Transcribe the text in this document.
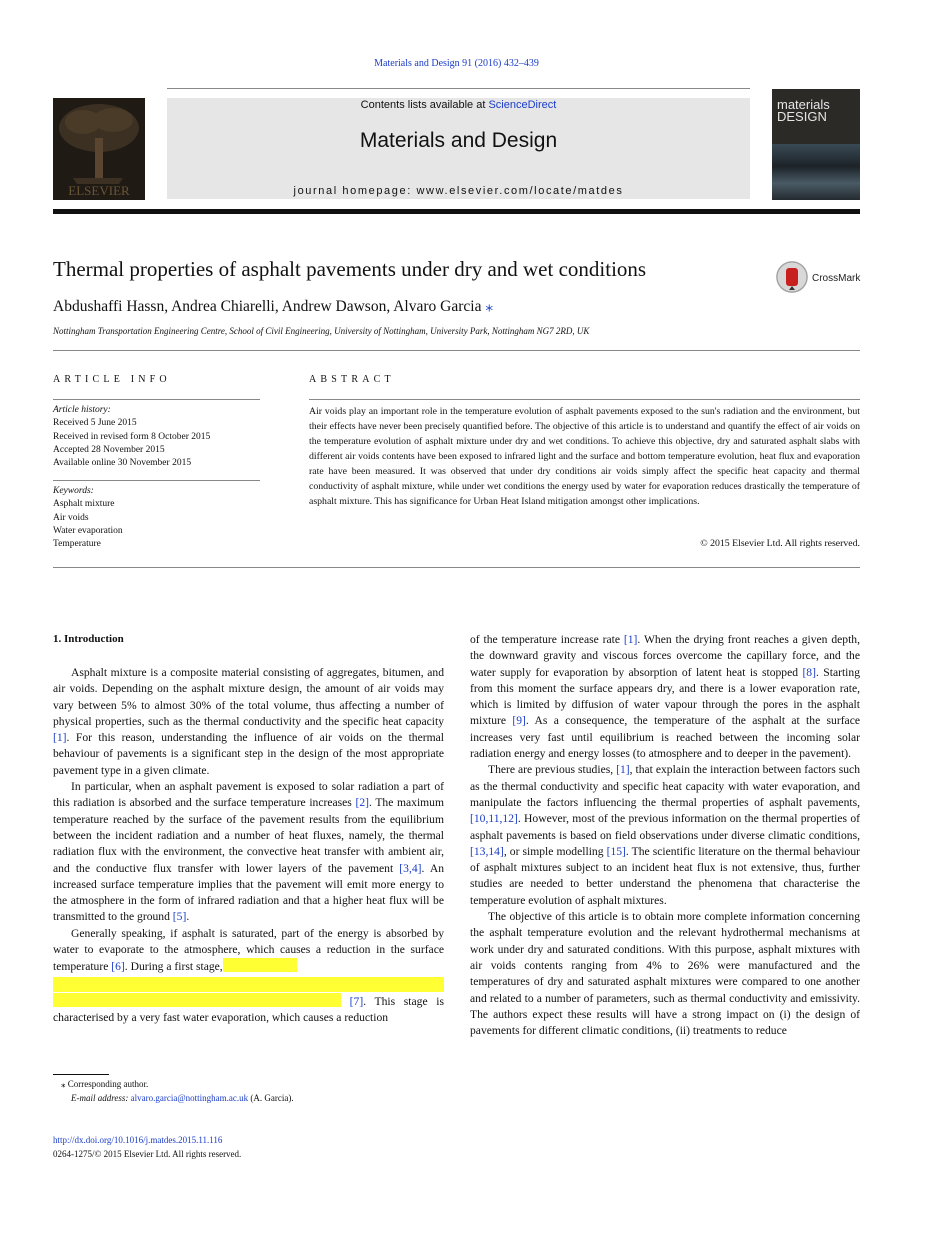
Materials and Design 91 (2016) 432–439
ELSEVIER
Contents lists available at ScienceDirect
Materials and Design
journal homepage: www.elsevier.com/locate/matdes
materials
DESIGN
Thermal properties of asphalt pavements under dry and wet conditions	CrossMark
Abdushaffi Hassn, Andrea Chiarelli, Andrew Dawson, Alvaro Garcia ⁎
Nottingham Transportation Engineering Centre, School of Civil Engineering, University of Nottingham, University Park, Nottingham NG7 2RD, UK
ARTICLE INFO
Article history:
Received 5 June 2015
Received in revised form 8 October 2015
Accepted 28 November 2015
Available online 30 November 2015
Keywords:
Asphalt mixture
Air voids
Water evaporation
Temperature
ABSTRACT
Air voids play an important role in the temperature evolution of asphalt pavements exposed to the sun's radiation and the environment, but their effects have never been precisely quantified before. The objective of this article is to understand and quantify the effect of air voids on the temperature evolution of asphalt mixture under dry and wet conditions. To achieve this objective, dry and saturated asphalt slabs with different air voids contents have been exposed to infrared light and the surface and bottom temperature evolution, heat flux and evaporation rate have been measured. It was observed that under dry conditions air voids simply affect the specific heat capacity and thermal conductivity of asphalt mixture, while under wet conditions the energy used by water for evaporation reduces drastically the temperature of asphalt mixture. This has significance for Urban Heat Island mitigation amongst other implications.
© 2015 Elsevier Ltd. All rights reserved.
1. Introduction

Asphalt mixture is a composite material consisting of aggregates, bitumen, and air voids. Depending on the asphalt mixture design, the amount of air voids may vary between 5% to almost 30% of the total volume, thus affecting a number of physical properties, such as the thermal conductivity and the specific heat capacity [1]. For this reason, understanding the influence of air voids on the thermal behaviour of pavements is a significant step in the design of the most appropriate pavement type in a given climate.

In particular, when an asphalt pavement is exposed to solar radiation a part of this radiation is absorbed and the surface temperature increases [2]. The maximum temperature reached by the surface of the pavement results from the equilibrium between the incident radiation and a number of heat fluxes, namely, the thermal radiation flux with the environment, the convective heat transfer with ambient air, and the conductive flux transfer with lower layers of the pavement [3,4]. An increased surface temperature implies that the pavement will emit more energy to the atmosphere in the form of infrared radiation and that a higher heat flux will be transmitted to the ground [5].

Generally speaking, if asphalt is saturated, part of the energy is absorbed by water to evaporate to the atmosphere, which causes a reduction in the surface temperature [6]. During a first stage,
[7]. This stage is characterised by a very fast water evaporation, which causes a reduction

of the temperature increase rate [1]. When the drying front reaches a given depth, the downward gravity and viscous forces overcome the capillary force, and the water supply for evaporation by absorption of latent heat is stopped [8]. Starting from this moment the surface appears dry, and there is a lower evaporation rate, which is limited by diffusion of water vapour through the pores in the asphalt mixture [9]. As a consequence, the temperature of the asphalt at the surface increases very fast until equilibrium is reached between the incoming solar radiation energy and energy losses (to atmosphere and to deeper in the pavement).

There are previous studies, [1], that explain the interaction between factors such as the thermal conductivity and specific heat capacity with water evaporation, and manipulate the factors influencing the thermal properties of asphalt pavements, [10,11,12]. However, most of the previous information on the thermal properties of asphalt pavements is based on field observations under diverse climatic conditions, [13,14], or simple modelling [15]. The scientific literature on the thermal behaviour of asphalt mixtures subject to an incident heat flux is not extensive, thus, further studies are needed to better understand the phenomena that characterise the temperature evolution of asphalt mixtures.

The objective of this article is to obtain more complete information concerning the asphalt temperature evolution and the relevant hydrothermal mechanisms at work under dry and saturated conditions. With this purpose, asphalt mixtures with air voids contents ranging from 4% to 26% were manufactured and the temperatures of dry and saturated asphalt mixtures were compared to one another and related to a number of parameters, such as thermal conductivity and emissivity. The authors expect these results will have a strong impact on (i) the design of pavements for different climatic conditions, (ii) treatments to reduce

⁎ Corresponding author.
E-mail address: alvaro.garcia@nottingham.ac.uk (A. Garcia).
http://dx.doi.org/10.1016/j.matdes.2015.11.116
0264-1275/© 2015 Elsevier Ltd. All rights reserved.
